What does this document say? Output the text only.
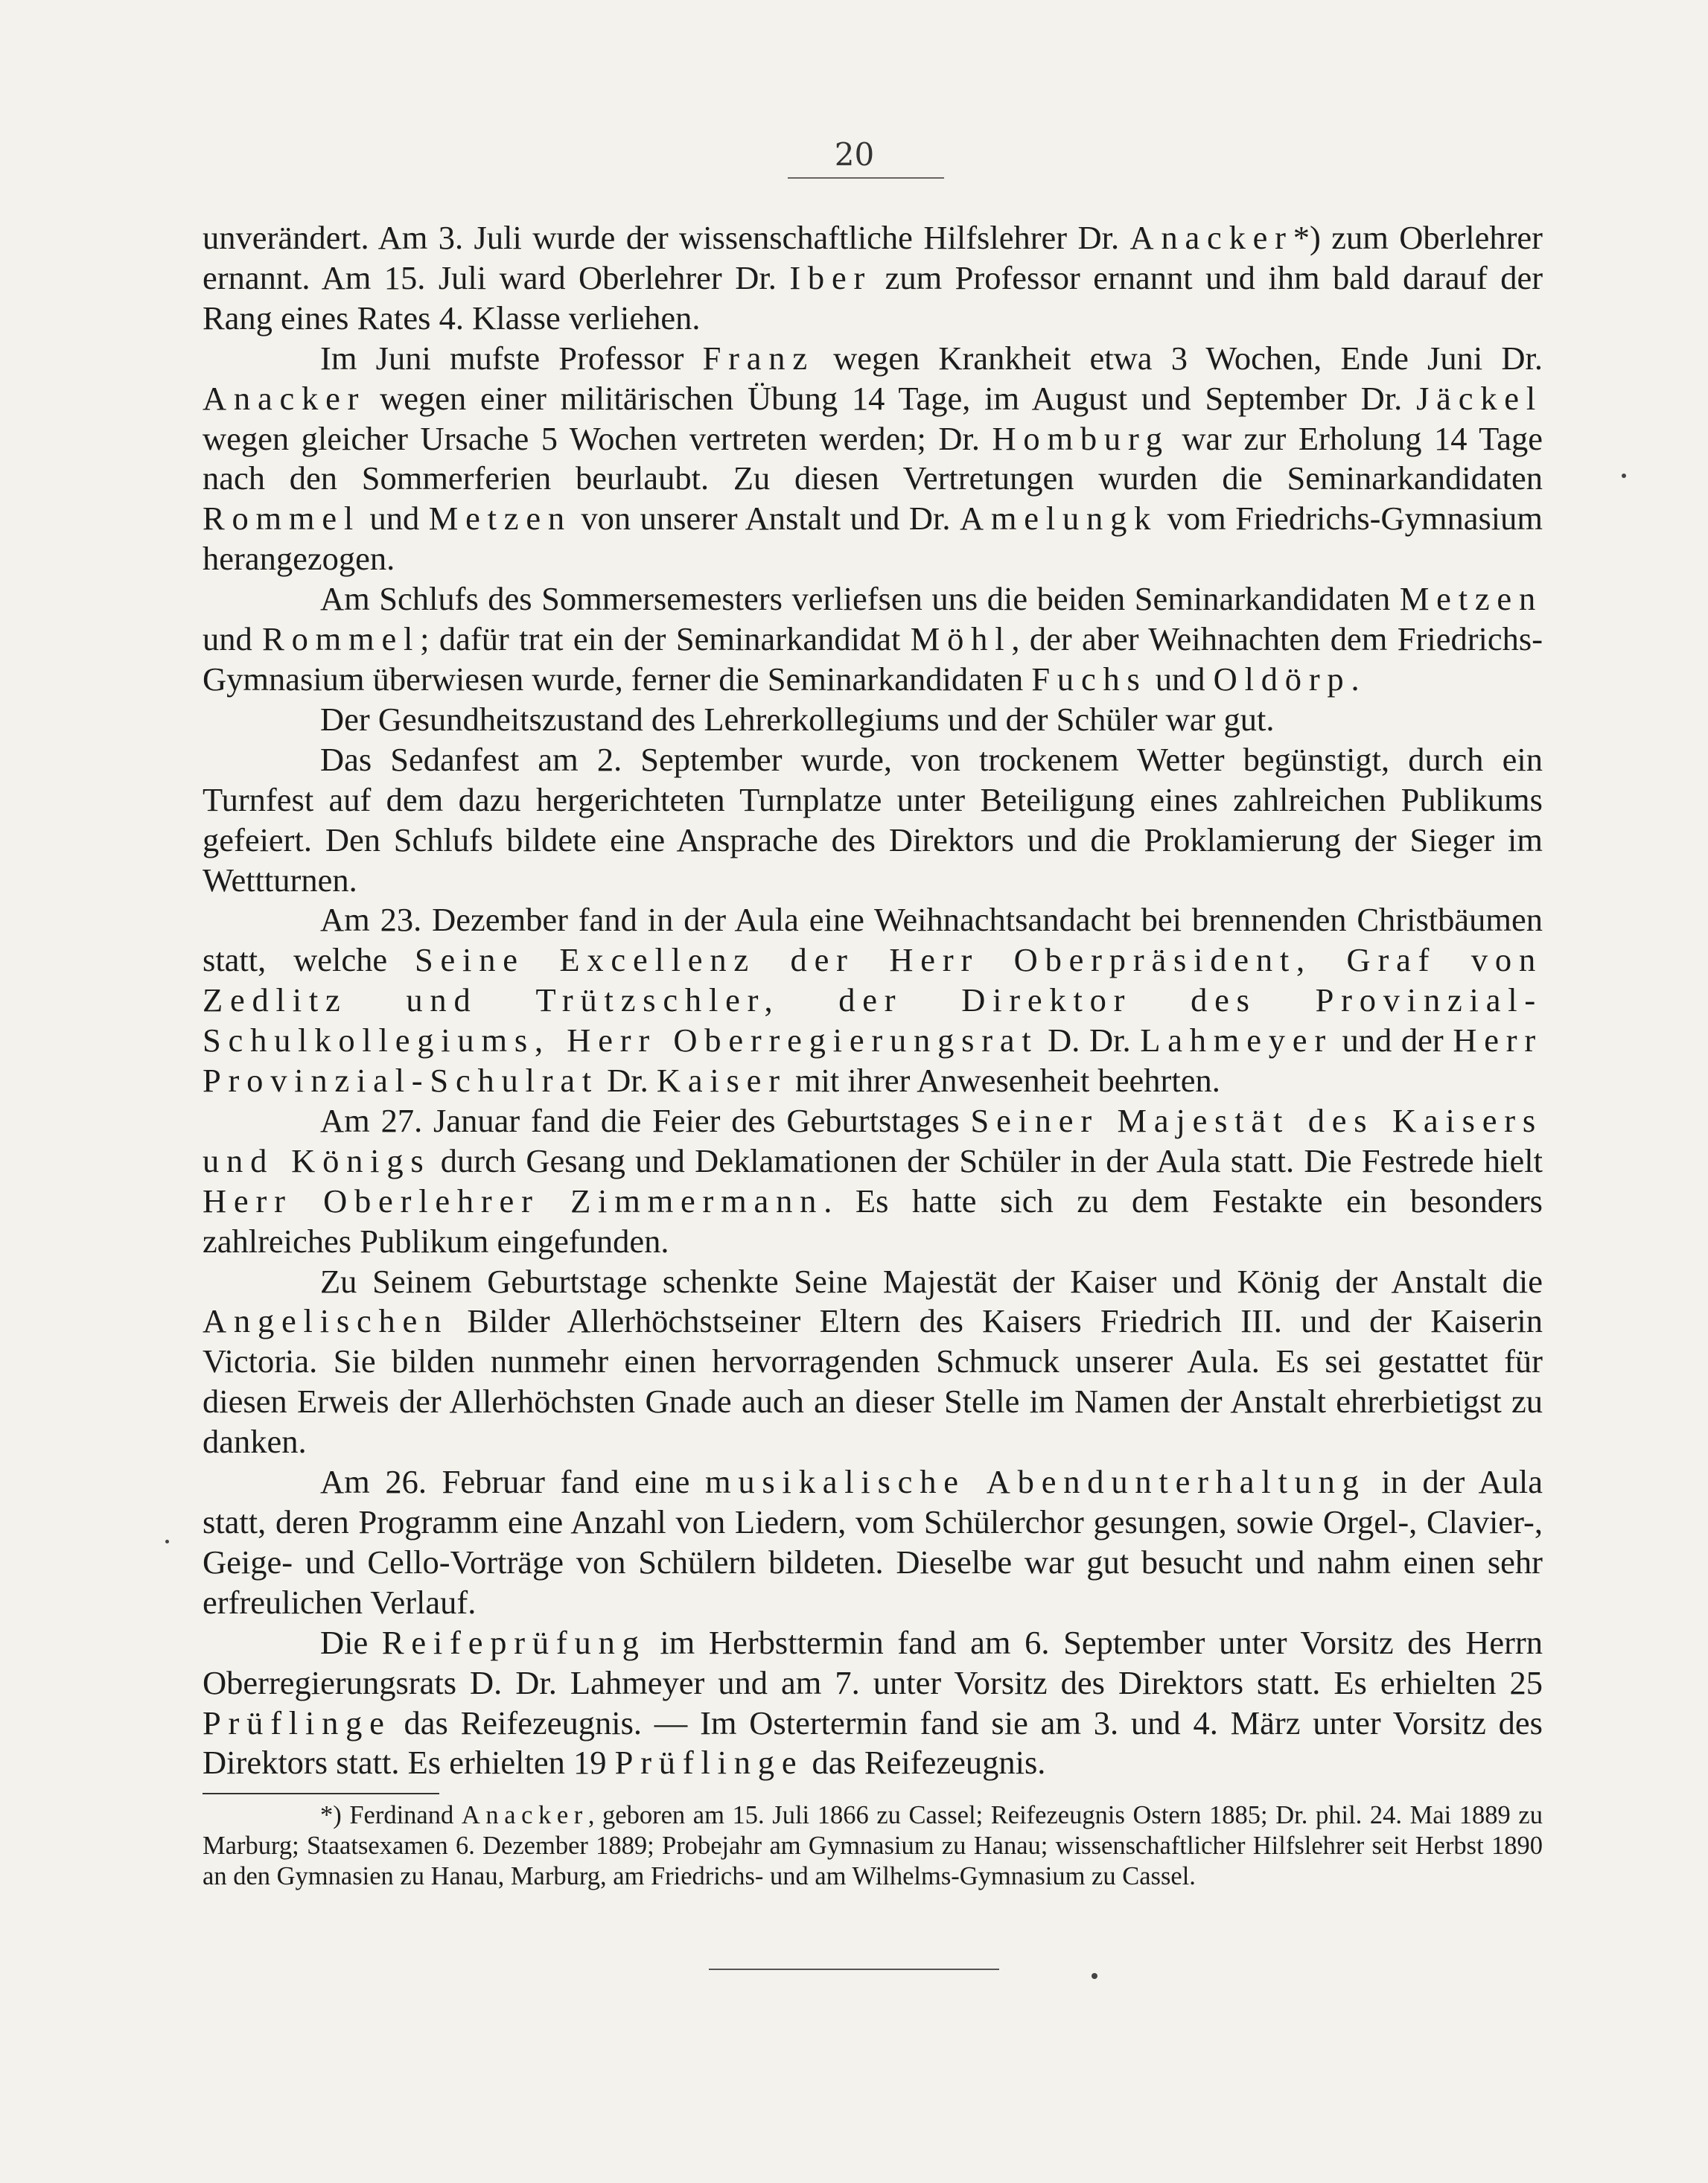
20

unverändert. Am 3. Juli wurde der wissenschaftliche Hilfslehrer Dr. Anacker*) zum Oberlehrer ernannt. Am 15. Juli ward Oberlehrer Dr. Iber zum Professor ernannt und ihm bald darauf der Rang eines Rates 4. Klasse verliehen.

Im Juni mufste Professor Franz wegen Krankheit etwa 3 Wochen, Ende Juni Dr. Anacker wegen einer militärischen Übung 14 Tage, im August und September Dr. Jäckel wegen gleicher Ursache 5 Wochen vertreten werden; Dr. Homburg war zur Erholung 14 Tage nach den Sommerferien beurlaubt. Zu diesen Vertretungen wurden die Seminarkandidaten Rommel und Metzen von unserer Anstalt und Dr. Amelungk vom Friedrichs-Gymnasium herangezogen.

Am Schlufs des Sommersemesters verliefsen uns die beiden Seminarkandidaten Metzen und Rommel; dafür trat ein der Seminarkandidat Möhl, der aber Weihnachten dem Friedrichs-Gymnasium überwiesen wurde, ferner die Seminarkandidaten Fuchs und Oldörp.

Der Gesundheitszustand des Lehrerkollegiums und der Schüler war gut.

Das Sedanfest am 2. September wurde, von trockenem Wetter begünstigt, durch ein Turnfest auf dem dazu hergerichteten Turnplatze unter Beteiligung eines zahlreichen Publikums gefeiert. Den Schlufs bildete eine Ansprache des Direktors und die Proklamierung der Sieger im Wettturnen.

Am 23. Dezember fand in der Aula eine Weihnachtsandacht bei brennenden Christbäumen statt, welche Seine Excellenz der Herr Oberpräsident, Graf von Zedlitz und Trützschler, der Direktor des Provinzial-Schulkollegiums, Herr Oberregierungsrat D. Dr. Lahmeyer und der Herr Provinzial-Schulrat Dr. Kaiser mit ihrer Anwesenheit beehrten.

Am 27. Januar fand die Feier des Geburtstages Seiner Majestät des Kaisers und Königs durch Gesang und Deklamationen der Schüler in der Aula statt. Die Festrede hielt Herr Oberlehrer Zimmermann. Es hatte sich zu dem Festakte ein besonders zahlreiches Publikum eingefunden.

Zu Seinem Geburtstage schenkte Seine Majestät der Kaiser und König der Anstalt die Angelischen Bilder Allerhöchstseiner Eltern des Kaisers Friedrich III. und der Kaiserin Victoria. Sie bilden nunmehr einen hervorragenden Schmuck unserer Aula. Es sei gestattet für diesen Erweis der Allerhöchsten Gnade auch an dieser Stelle im Namen der Anstalt ehrerbietigst zu danken.

Am 26. Februar fand eine musikalische Abendunterhaltung in der Aula statt, deren Programm eine Anzahl von Liedern, vom Schülerchor gesungen, sowie Orgel-, Clavier-, Geige- und Cello-Vorträge von Schülern bildeten. Dieselbe war gut besucht und nahm einen sehr erfreulichen Verlauf.

Die Reifeprüfung im Herbsttermin fand am 6. September unter Vorsitz des Herrn Oberregierungsrats D. Dr. Lahmeyer und am 7. unter Vorsitz des Direktors statt. Es erhielten 25 Prüflinge das Reifezeugnis. — Im Ostertermin fand sie am 3. und 4. März unter Vorsitz des Direktors statt. Es erhielten 19 Prüflinge das Reifezeugnis.

*) Ferdinand Anacker, geboren am 15. Juli 1866 zu Cassel; Reifezeugnis Ostern 1885; Dr. phil. 24. Mai 1889 zu Marburg; Staatsexamen 6. Dezember 1889; Probejahr am Gymnasium zu Hanau; wissenschaftlicher Hilfslehrer seit Herbst 1890 an den Gymnasien zu Hanau, Marburg, am Friedrichs- und am Wilhelms-Gymnasium zu Cassel.
